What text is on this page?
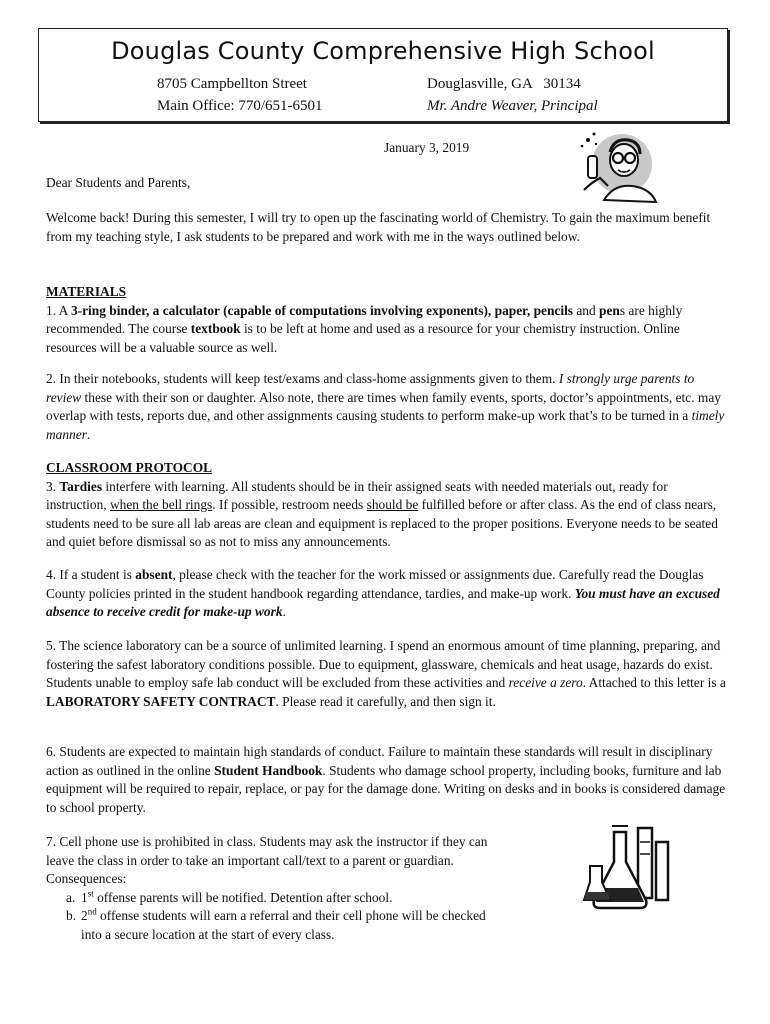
Douglas County Comprehensive High School
8705 Campbellton Street
Main Office: 770/651-6501
Douglasville, GA   30134
Mr. Andre Weaver, Principal
January 3, 2019

Dear Students and Parents,

Welcome back! During this semester, I will try to open up the fascinating world of Chemistry. To gain the maximum benefit from my teaching style, I ask students to be prepared and work with me in the ways outlined below.

MATERIALS

1. A 3-ring binder, a calculator (capable of computations involving exponents), paper, pencils and pens are highly recommended. The course textbook is to be left at home and used as a resource for your chemistry instruction. Online resources will be a valuable source as well.

2. In their notebooks, students will keep test/exams and class-home assignments given to them. I strongly urge parents to review these with their son or daughter. Also note, there are times when family events, sports, doctor’s appointments, etc. may overlap with tests, reports due, and other assignments causing students to perform make-up work that’s to be turned in a timely manner.

CLASSROOM PROTOCOL

3. Tardies interfere with learning. All students should be in their assigned seats with needed materials out, ready for instruction, when the bell rings. If possible, restroom needs should be fulfilled before or after class. As the end of class nears, students need to be sure all lab areas are clean and equipment is replaced to the proper positions. Everyone needs to be seated and quiet before dismissal so as not to miss any announcements.

4. If a student is absent, please check with the teacher for the work missed or assignments due. Carefully read the Douglas County policies printed in the student handbook regarding attendance, tardies, and make-up work. You must have an excused absence to receive credit for make-up work.

5. The science laboratory can be a source of unlimited learning. I spend an enormous amount of time planning, preparing, and fostering the safest laboratory conditions possible. Due to equipment, glassware, chemicals and heat usage, hazards do exist. Students unable to employ safe lab conduct will be excluded from these activities and receive a zero. Attached to this letter is a LABORATORY SAFETY CONTRACT. Please read it carefully, and then sign it.

6. Students are expected to maintain high standards of conduct. Failure to maintain these standards will result in disciplinary action as outlined in the online Student Handbook. Students who damage school property, including books, furniture and lab equipment will be required to repair, replace, or pay for the damage done. Writing on desks and in books is considered damage to school property.

7. Cell phone use is prohibited in class. Students may ask the instructor if they can

leave the class in order to take an important call/text to a parent or guardian.

Consequences:

a. 1st offense parents will be notified. Detention after school.
b. 2nd offense students will earn a referral and their cell phone will be checked
into a secure location at the start of every class.
